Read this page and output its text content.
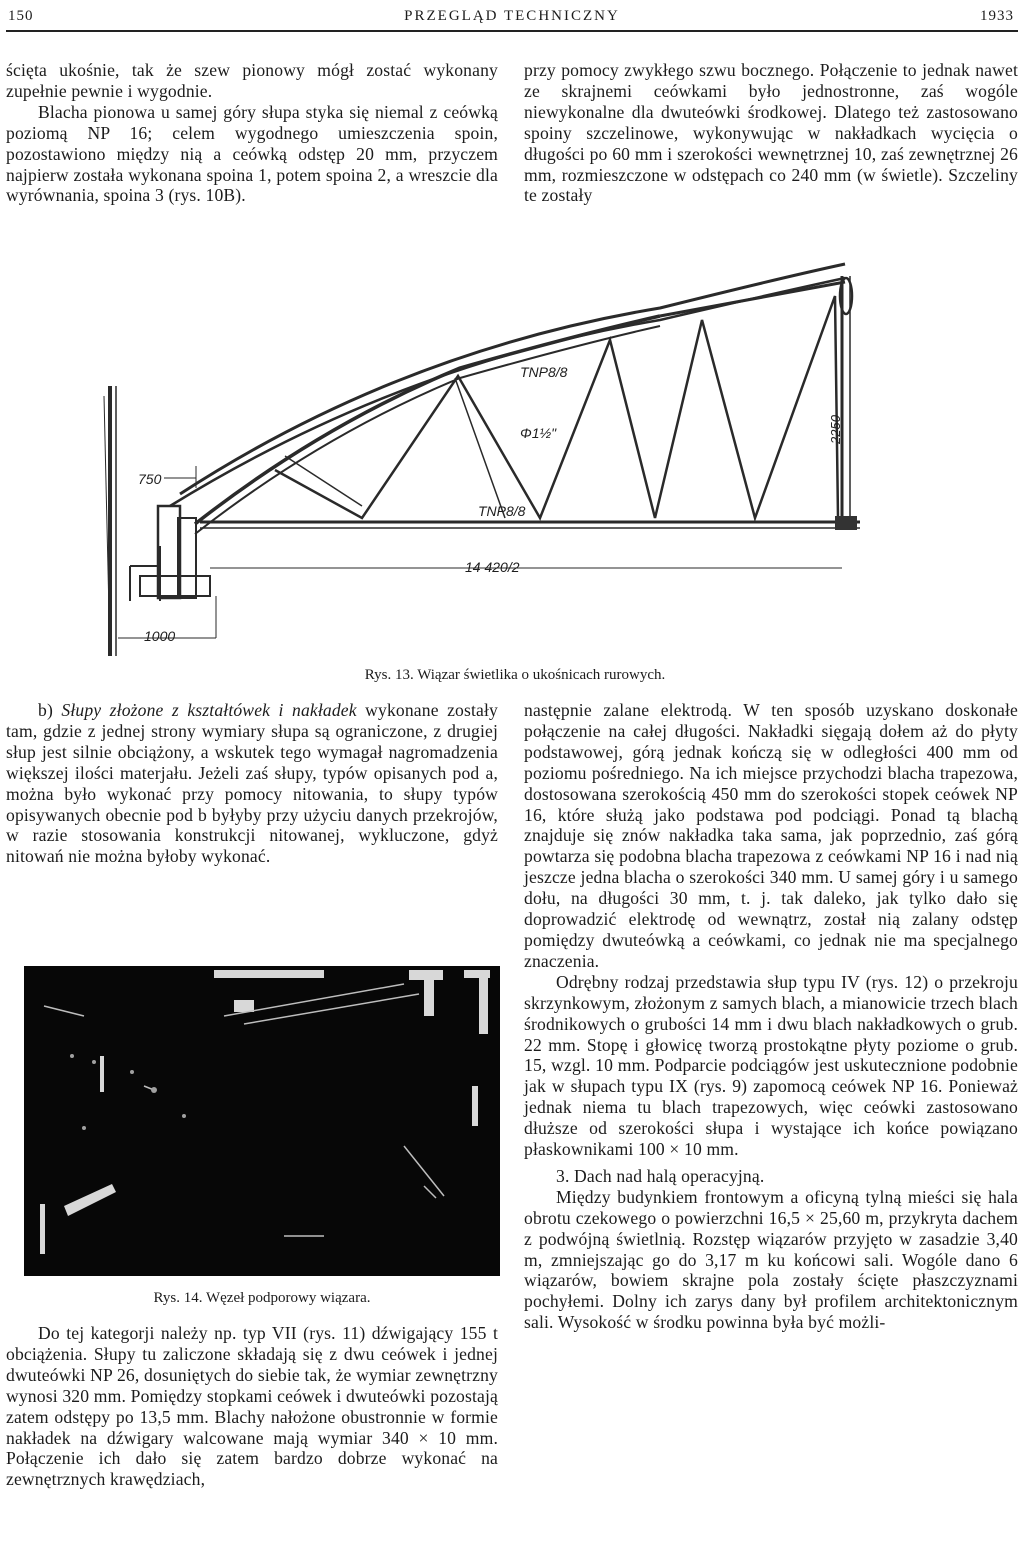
150	PRZEGLĄD TECHNICZNY	1933

ścięta ukośnie, tak że szew pionowy mógł zostać wykonany zupełnie pewnie i wygodnie.

Blacha pionowa u samej góry słupa styka się niemal z ceówką poziomą NP 16; celem wygodnego umieszczenia spoin, pozostawiono między nią a ceówką odstęp 20 mm, przyczem najpierw została wykonana spoina 1, potem spoina 2, a wreszcie dla wyrównania, spoina 3 (rys. 10B).

przy pomocy zwykłego szwu bocznego. Połączenie to jednak nawet ze skrajnemi ceówkami było jednostronne, zaś wogóle niewykonalne dla dwuteówki środkowej. Dlatego też zastosowano spoiny szczelinowe, wykonywując w nakładkach wycięcia o długości po 60 mm i szerokości wewnętrznej 10, zaś zewnętrznej 26 mm, rozmieszczone w odstępach co 240 mm (w świetle). Szczeliny te zostały

TNP8/8
Φ1½"	2250
750
TNP8/8
14 420/2
1000
Rys. 13. Wiązar świetlika o ukośnicach rurowych.

b) Słupy złożone z kształtówek i nakładek wykonane zostały tam, gdzie z jednej strony wymiary słupa są ograniczone, z drugiej słup jest silnie obciążony, a wskutek tego wymagał nagromadzenia większej ilości materjału. Jeżeli zaś słupy, typów opisanych pod a, można było wykonać przy pomocy nitowania, to słupy typów opisywanych obecnie pod b byłyby przy użyciu danych przekrojów, w razie stosowania konstrukcji nitowanej, wykluczone, gdyż nitowań nie można byłoby wykonać.

Rys. 14. Węzeł podporowy wiązara.

Do tej kategorji należy np. typ VII (rys. 11) dźwigający 155 t obciążenia. Słupy tu zaliczone składają się z dwu ceówek i jednej dwuteówki NP 26, dosuniętych do siebie tak, że wymiar zewnętrzny wynosi 320 mm. Pomiędzy stopkami ceówek i dwuteówki pozostają zatem odstępy po 13,5 mm. Blachy nałożone obustronnie w formie nakładek na dźwigary walcowane mają wymiar 340 × 10 mm. Połączenie ich dało się zatem bardzo dobrze wykonać na zewnętrznych krawędziach,

następnie zalane elektrodą. W ten sposób uzyskano doskonałe połączenie na całej długości. Nakładki sięgają dołem aż do płyty podstawowej, górą jednak kończą się w odległości 400 mm od poziomu pośredniego. Na ich miejsce przychodzi blacha trapezowa, dostosowana szerokością 450 mm do szerokości stopek ceówek NP 16, które służą jako podstawa pod podciągi. Ponad tą blachą znajduje się znów nakładka taka sama, jak poprzednio, zaś górą powtarza się podobna blacha trapezowa z ceówkami NP 16 i nad nią jeszcze jedna blacha o szerokości 340 mm. U samej góry i u samego dołu, na długości 30 mm, t. j. tak daleko, jak tylko dało się doprowadzić elektrodę od wewnątrz, został nią zalany odstęp pomiędzy dwuteówką a ceówkami, co jednak nie ma specjalnego znaczenia.

Odrębny rodzaj przedstawia słup typu IV (rys. 12) o przekroju skrzynkowym, złożonym z samych blach, a mianowicie trzech blach środnikowych o grubości 14 mm i dwu blach nakładkowych o grub. 22 mm. Stopę i głowicę tworzą prostokątne płyty poziome o grub. 15, wzgl. 10 mm. Podparcie podciągów jest uskutecznione podobnie jak w słupach typu IX (rys. 9) zapomocą ceówek NP 16. Ponieważ jednak niema tu blach trapezowych, więc ceówki zastosowano dłuższe od szerokości słupa i wystające ich końce powiązano płaskownikami 100 × 10 mm.

3. Dach nad halą operacyjną.

Między budynkiem frontowym a oficyną tylną mieści się hala obrotu czekowego o powierzchni 16,5 × 25,60 m, przykryta dachem z podwójną świetlnią. Rozstęp wiązarów przyjęto w zasadzie 3,40 m, zmniejszając go do 3,17 m ku końcowi sali. Wogóle dano 6 wiązarów, bowiem skrajne pola zostały ścięte płaszczyznami pochyłemi. Dolny ich zarys dany był profilem architektonicznym sali. Wysokość w środku powinna była być możli-
